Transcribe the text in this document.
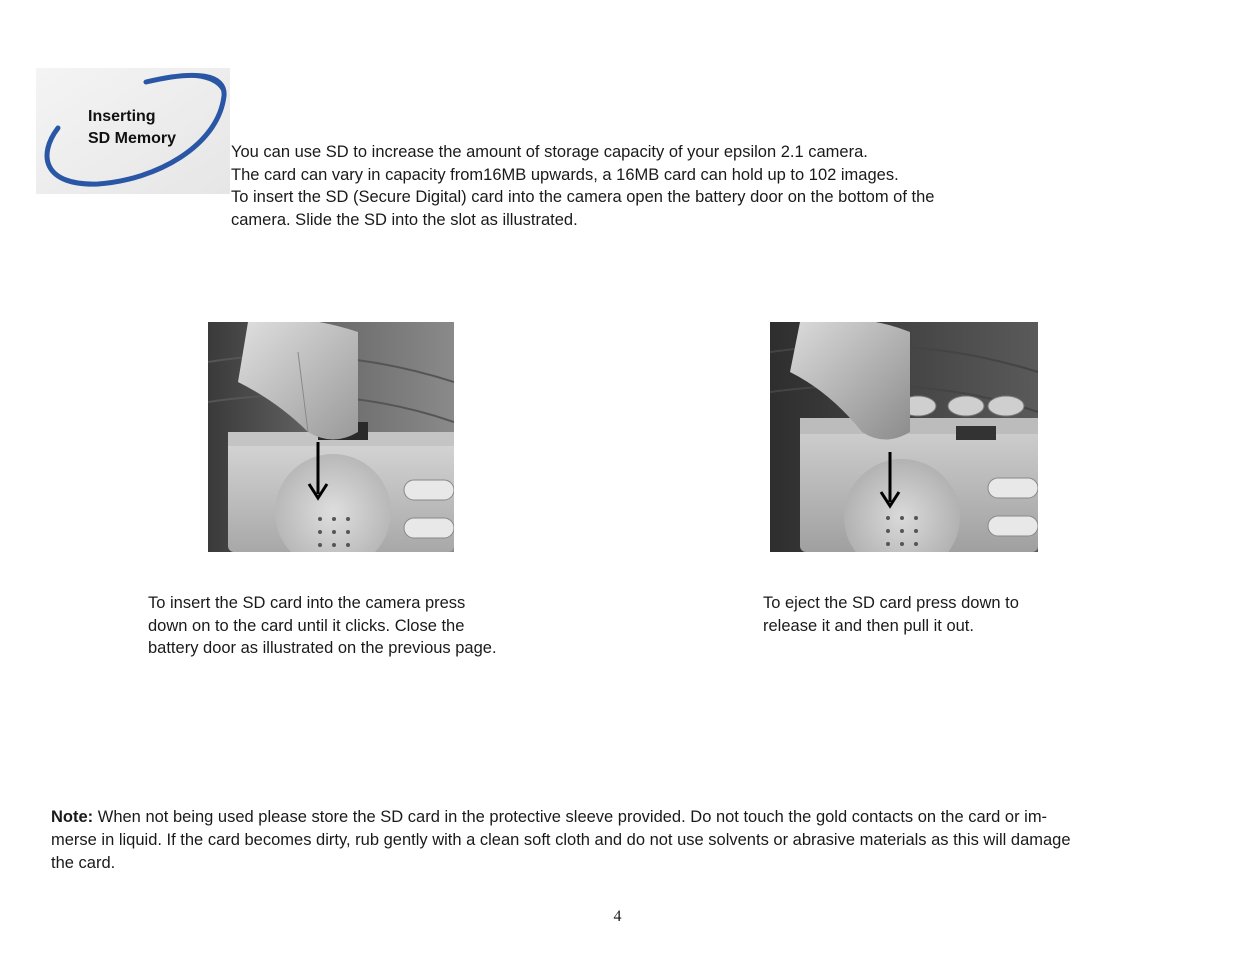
Inserting
SD Memory

You can use SD to increase the amount of storage capacity of your epsilon 2.1 camera.

The card can vary in capacity from16MB upwards, a 16MB card can hold up to 102 images.

To insert the SD (Secure Digital) card into the camera open the battery door on the bottom of the

camera. Slide the SD into the slot as illustrated.

To insert the SD card into the camera press

down on to the card until it clicks. Close the

battery door as illustrated on the previous page.

To eject the SD card press down to

release it and then pull it out.

Note: When not being used please store the SD card in the protective sleeve provided. Do not touch the gold contacts on the card or im-

merse in liquid. If the card becomes dirty, rub gently with a clean soft cloth and do not use solvents or abrasive materials as this will damage

the card.

4
